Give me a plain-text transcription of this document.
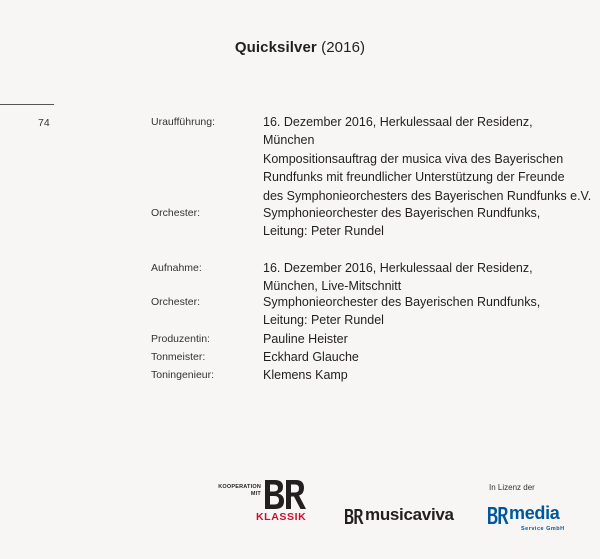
Quicksilver (2016)
74	Uraufführung:	16. Dezember 2016, Herkulessaal der Residenz,
München
Kompositionsauftrag der musica viva des Bayerischen
Rundfunks mit freundlicher Unterstützung der Freunde
des Symphonieorchesters des Bayerischen Rundfunks e.V.
Orchester:	Symphonieorchester des Bayerischen Rundfunks,
Leitung: Peter Rundel
Aufnahme:	16. Dezember 2016, Herkulessaal der Residenz,
München, Live-Mitschnitt
Orchester:	Symphonieorchester des Bayerischen Rundfunks,
Leitung: Peter Rundel
Produzentin:	Pauline Heister
Tonmeister:	Eckhard Glauche
Toningenieur:	Klemens Kamp
KOOPERATION
MIT
KLASSIK	musicaviva
In Lizenz der
media
Service GmbH
